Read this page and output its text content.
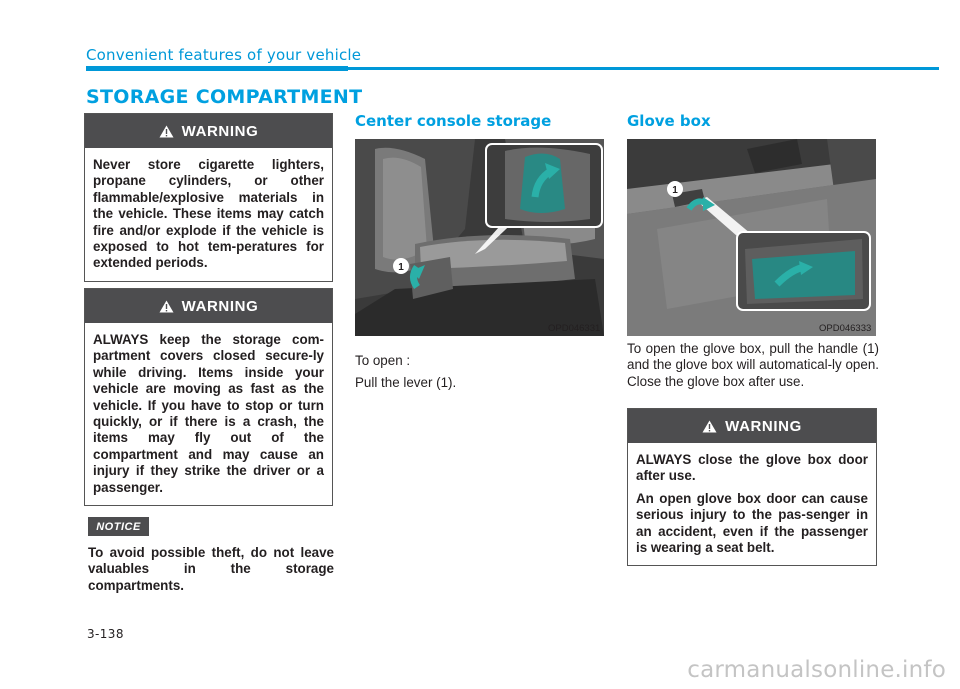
Convenient features of your vehicle
STORAGE COMPARTMENT
WARNING

Never store cigarette lighters, propane cylinders, or other flammable/explosive materials in the vehicle. These items may catch fire and/or explode if the vehicle is exposed to hot tem-peratures for extended periods.

WARNING

ALWAYS keep the storage com-partment covers closed secure-ly while driving. Items inside your vehicle are moving as fast as the vehicle. If you have to stop or turn quickly, or if there is a crash, the items may fly out of the compartment and may cause an injury if they strike the driver or a passenger.

NOTICE
To avoid possible theft, do not leave valuables in the storage compartments.
Center console storage
1
OPD046331

To open :

Pull the lever (1).

Glove box
1
OPD046333

To open the glove box, pull the handle (1) and the glove box will automatical-ly open. Close the glove box after use.

WARNING

ALWAYS close the glove box door after use.

An open glove box door can cause serious injury to the pas-senger in an accident, even if the passenger is wearing a seat belt.

3-138
carmanualsonline.info
